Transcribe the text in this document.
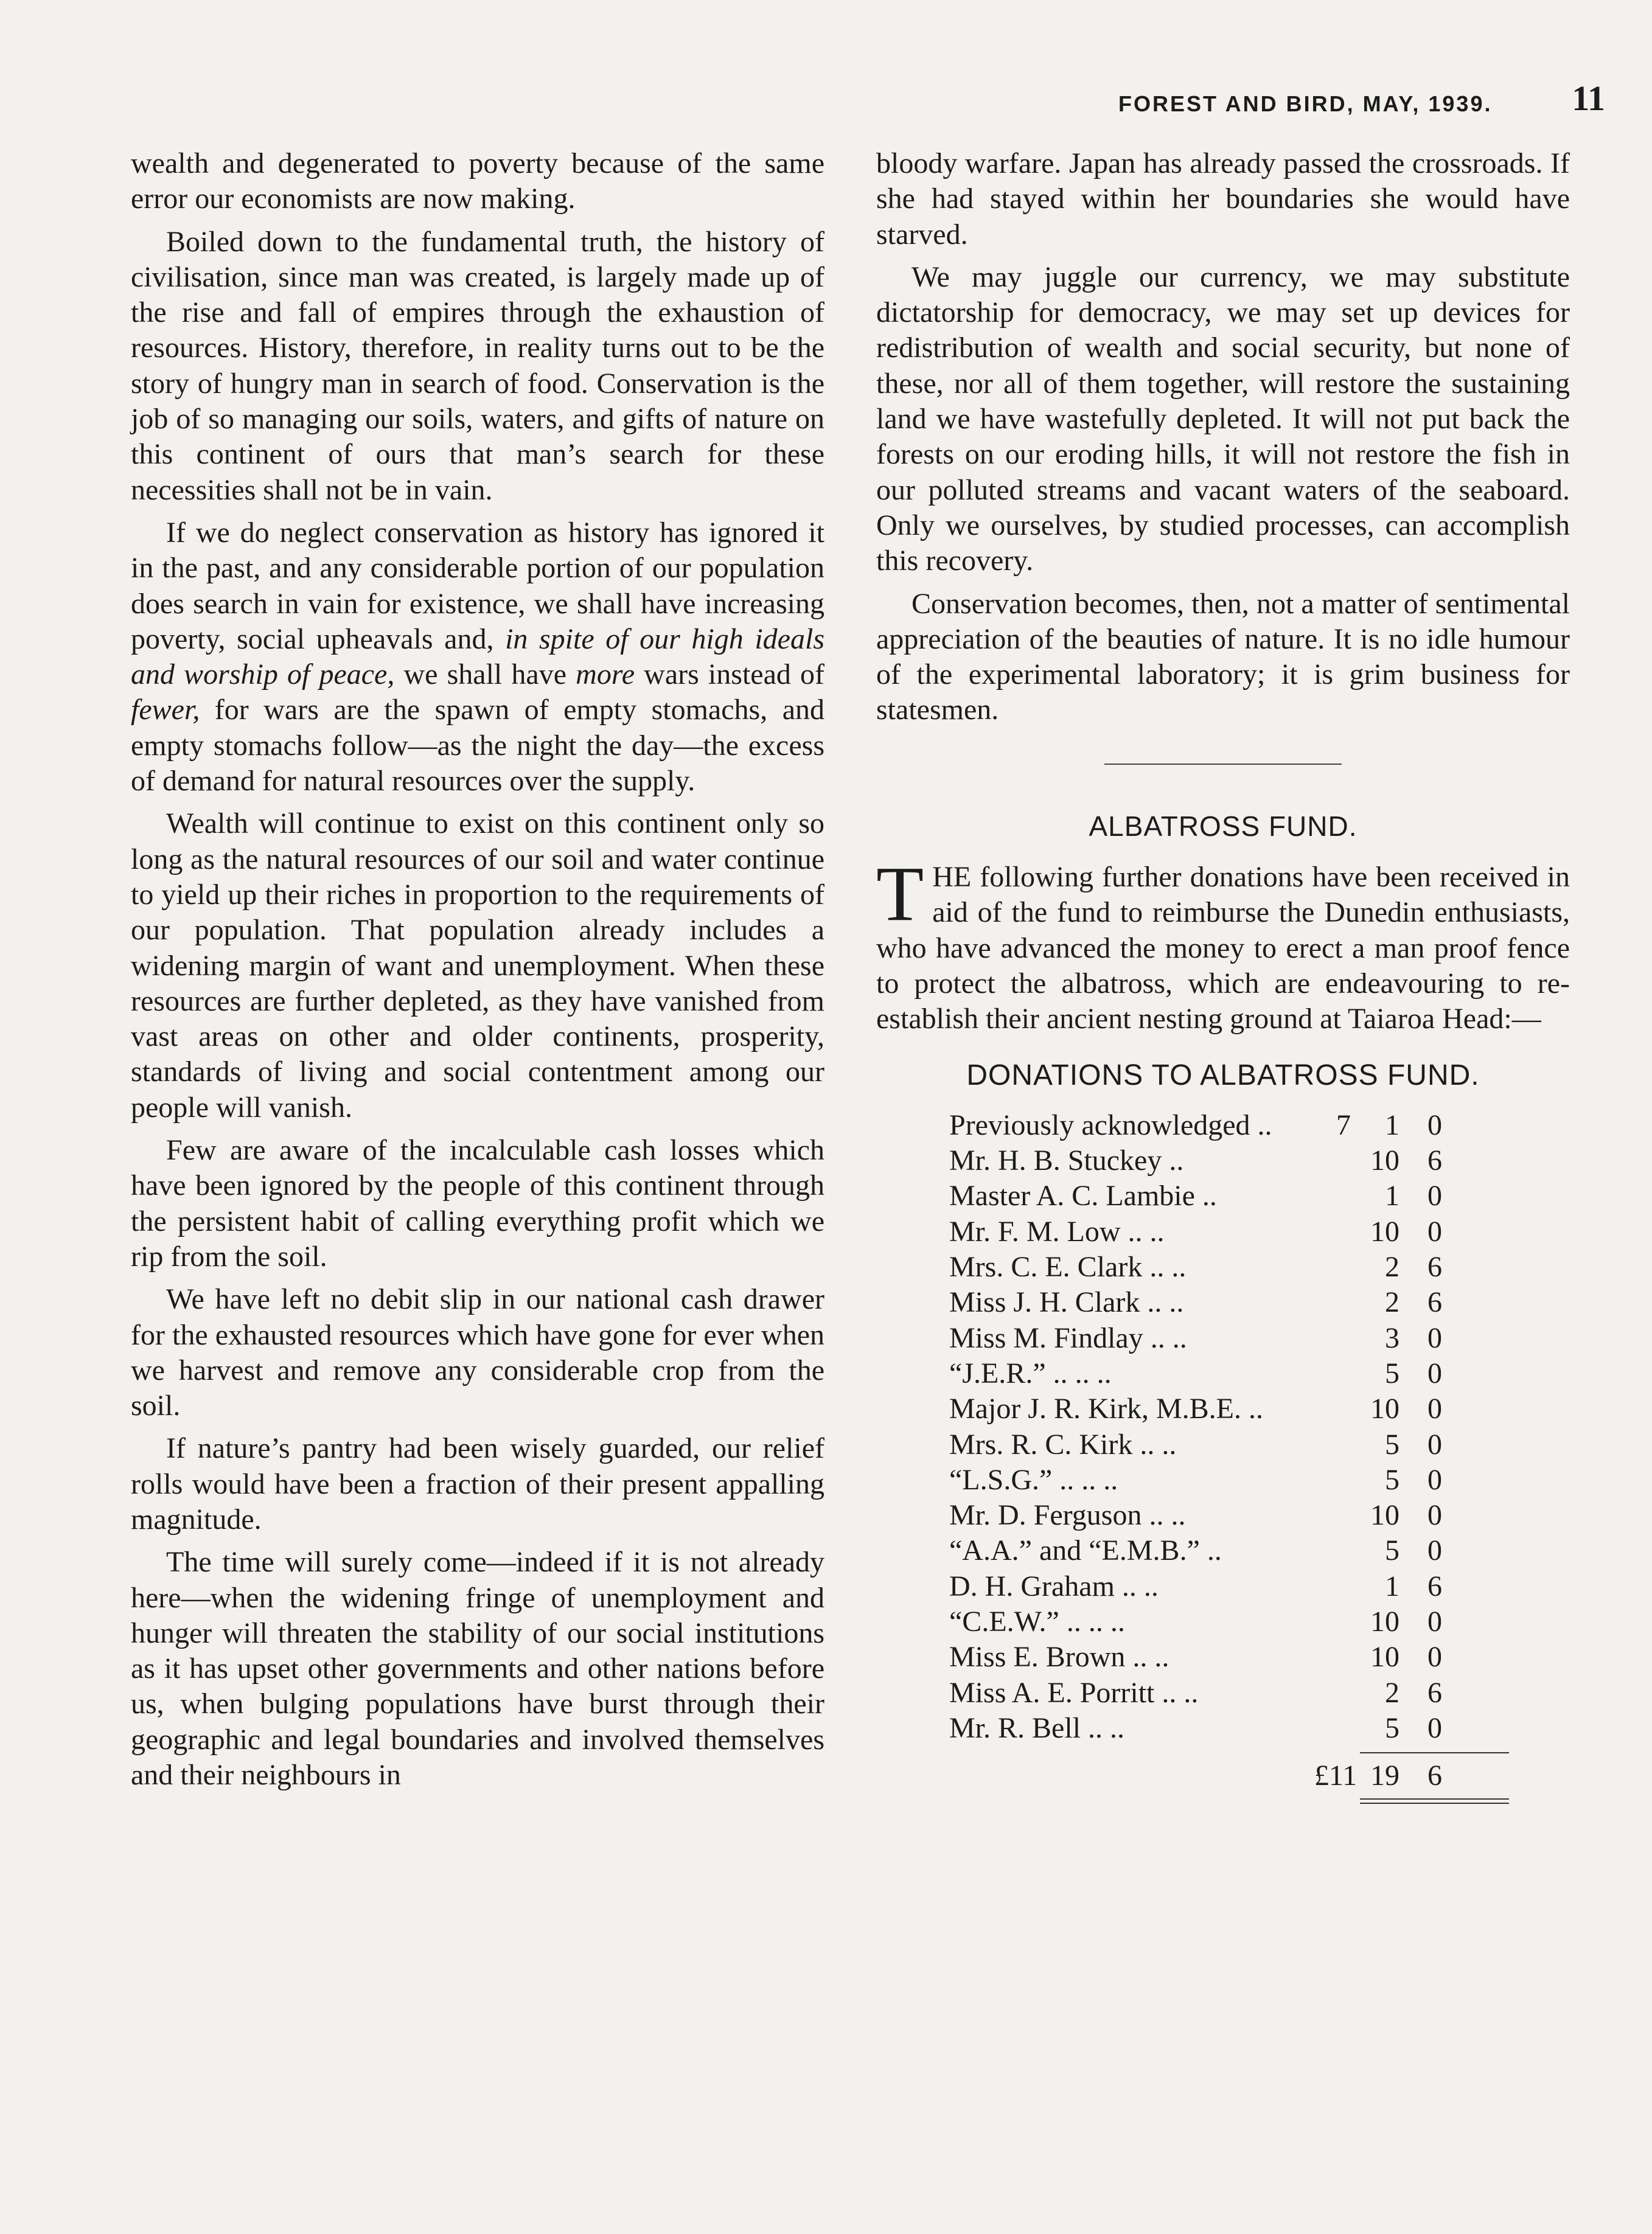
FOREST AND BIRD, MAY, 1939. 11

wealth and degenerated to poverty because of the same error our economists are now making.

Boiled down to the fundamental truth, the history of civilisation, since man was created, is largely made up of the rise and fall of empires through the exhaustion of resources. History, therefore, in reality turns out to be the story of hungry man in search of food. Conservation is the job of so managing our soils, waters, and gifts of nature on this continent of ours that man’s search for these necessities shall not be in vain.

If we do neglect conservation as history has ignored it in the past, and any considerable portion of our population does search in vain for existence, we shall have increasing poverty, social upheavals and, in spite of our high ideals and worship of peace, we shall have more wars instead of fewer, for wars are the spawn of empty stomachs, and empty stomachs follow—as the night the day—the excess of demand for natural resources over the supply.

Wealth will continue to exist on this continent only so long as the natural resources of our soil and water continue to yield up their riches in proportion to the requirements of our population. That population already includes a widening margin of want and unemployment. When these resources are further depleted, as they have vanished from vast areas on other and older continents, prosperity, standards of living and social contentment among our people will vanish.

Few are aware of the incalculable cash losses which have been ignored by the people of this continent through the persistent habit of calling everything profit which we rip from the soil.

We have left no debit slip in our national cash drawer for the exhausted resources which have gone for ever when we harvest and remove any considerable crop from the soil.

If nature’s pantry had been wisely guarded, our relief rolls would have been a fraction of their present appalling magnitude.

The time will surely come—indeed if it is not already here—when the widening fringe of unemployment and hunger will threaten the stability of our social institutions as it has upset other governments and other nations before us, when bulging populations have burst through their geographic and legal boundaries and involved themselves and their neighbours in

bloody warfare. Japan has already passed the crossroads. If she had stayed within her boundaries she would have starved.

We may juggle our currency, we may substitute dictatorship for democracy, we may set up devices for redistribution of wealth and social security, but none of these, nor all of them together, will restore the sustaining land we have wastefully depleted. It will not put back the forests on our eroding hills, it will not restore the fish in our polluted streams and vacant waters of the seaboard. Only we ourselves, by studied processes, can accomplish this recovery.

Conservation becomes, then, not a matter of sentimental appreciation of the beauties of nature. It is no idle humour of the experimental laboratory; it is grim business for statesmen.

ALBATROSS FUND.

THE following further donations have been received in aid of the fund to reimburse the Dunedin enthusiasts, who have advanced the money to erect a man proof fence to protect the albatross, which are endeavouring to re-establish their ancient nesting ground at Taiaroa Head:—

DONATIONS TO ALBATROSS FUND.
Previously acknowledged ..	7	1 0
Mr. H. B. Stuckey ..	10 6
Master A. C. Lambie ..	1 0
Mr. F. M. Low .. ..	10 0
Mrs. C. E. Clark .. ..	2 6
Miss J. H. Clark .. ..	2 6
Miss M. Findlay .. ..	3 0
“J.E.R.” .. .. ..	5 0
Major J. R. Kirk, M.B.E. ..	10 0
Mrs. R. C. Kirk .. ..	5 0
“L.S.G.” .. .. ..	5 0
Mr. D. Ferguson .. ..	10 0
“A.A.” and “E.M.B.” ..	5 0
D. H. Graham .. ..	1 6
“C.E.W.” .. .. ..	10 0
Miss E. Brown .. ..	10 0
Miss A. E. Porritt .. ..	2 6
Mr. R. Bell .. ..	5 0
£11 19 6
